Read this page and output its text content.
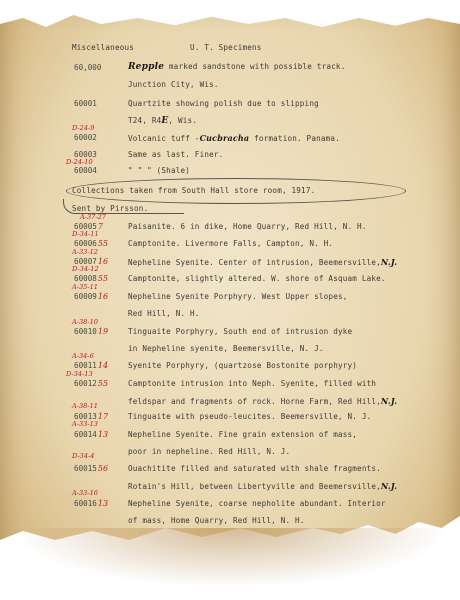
Miscellaneous	U. T. Specimens
60,000	Repple marked sandstone with possible track.
Junction City, Wis.
60001	Quartzite showing polish due to slipping
T24, R4E, Wis.
D-24-9
60002	Volcanic tuff -Cucbracha formation. Panama.
60003	Same as last. Finer.
D-24-10
60004	" " " (Shale)
Collections taken from South Hall store room, 1917.
Sent by Pirsson.
A-37-27
600057	Paisanite. 6 in dike, Home Quarry, Red Hill, N. H.
D-34-11
6000655	Camptonite. Livermore Falls, Campton, N. H.
A-33-12
6000716	Nepheline Syenite. Center of intrusion, Beemersville,N.J.
D-34-12
6000855	Camptonite, slightly altered. W. shore of Asquam Lake.
A-35-11
6000916	Nepheline Syenite Porphyry. West Upper slopes,
Red Hill, N. H.
A-38-10
6001019	Tinguaite Porphyry, South end of intrusion dyke
in Nepheline syenite, Beemersville, N. J.
A-34-6
6001114	Syenite Porphyry, (quartzose Bostonite porphyry)
D-34-13
6001255	Camptonite intrusion into Neph. Syenite, filled with
feldspar and fragments of rock. Horne Farm, Red Hill,N.J.
A-38-11
6001317	Tinguaite with pseudo-leucites. Beemersville, N. J.
A-33-13
6001413	Nepheline Syenite. Fine grain extension of mass,
poor in nepheline. Red Hill, N. J.
D-34-4
6001556	Ouachitite filled and saturated with shale fragments.
Rotain's Hill, between Libertyville and Beemersville,N.J.
A-33-16
6001613	Nepheline Syenite, coarse nepholite abundant. Interior
of mass, Home Quarry, Red Hill, N. H.
